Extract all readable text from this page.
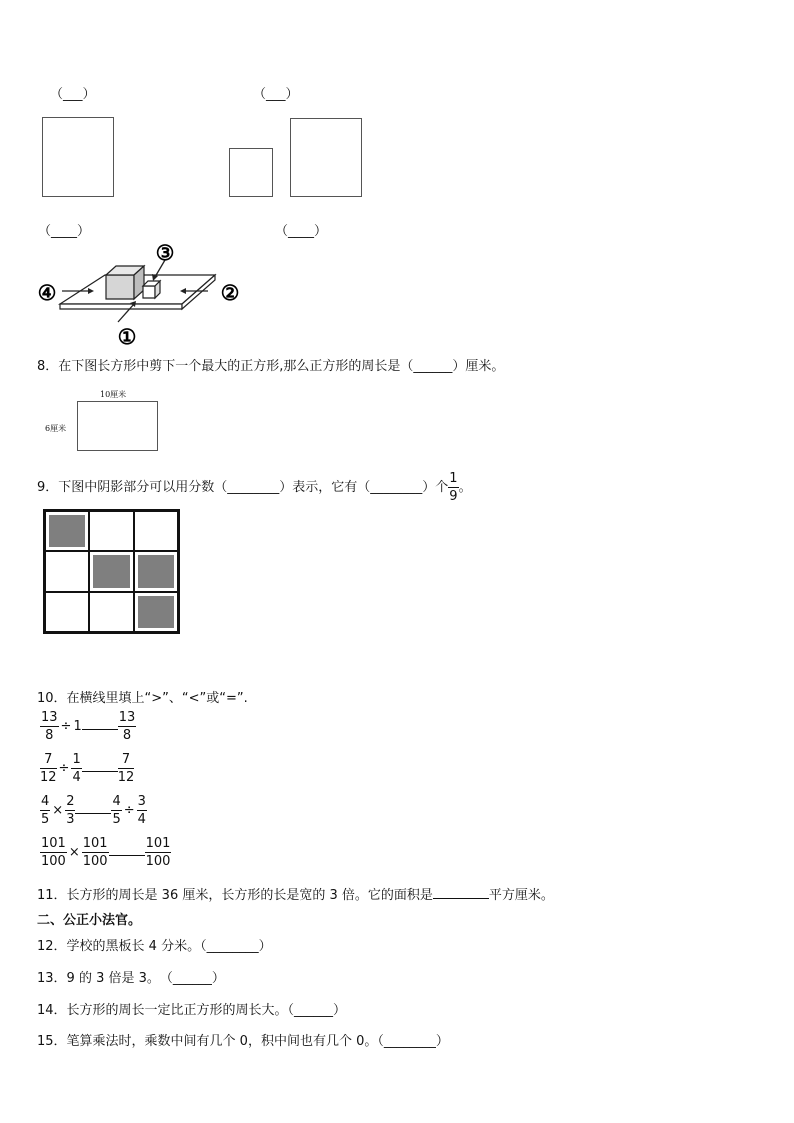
（___）	（___）
（____）	（____）
①
②
③
④
8．在下图长方形中剪下一个最大的正方形,那么正方形的周长是（______）厘米。
10厘米
6厘米
9．下图中阴影部分可以用分数（________）表示，它有（________）个 $\frac{1}{9}$ 。
10．在横线里填上“>”、“<”或“=”.
$\frac{13}{8} \div 1$	$\frac{13}{8}$
$\frac{7}{12} \div \frac{1}{4}$	$\frac{7}{12}$
$\frac{4}{5} \times \frac{2}{3}$	$\frac{4}{5} \div \frac{3}{4}$
$\frac{101}{100} \times \frac{101}{100}$	$\frac{101}{100}$
11．长方形的周长是 36 厘米，长方形的长是宽的 3 倍。它的面积是	平方厘米。
二、公正小法官。
12．学校的黑板长 4 分米。（________）
13．9 的 3 倍是 3。　（______）
14．长方形的周长一定比正方形的周长大。（______）
15．笔算乘法时，乘数中间有几个 0，积中间也有几个 0。（________）
